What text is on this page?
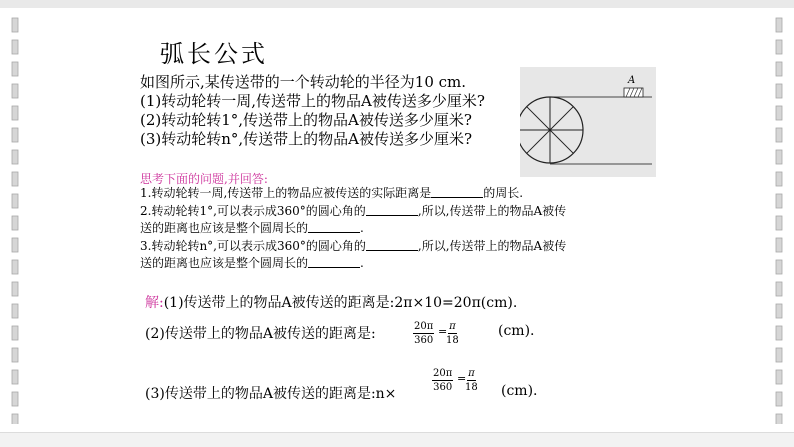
弧长公式
如图所示,某传送带的一个转动轮的半径为10 cm.
(1)转动轮转一周,传送带上的物品A被传送多少厘米?
(2)转动轮转1°,传送带上的物品A被传送多少厘米?
(3)转动轮转n°,传送带上的物品A被传送多少厘米?
A
思考下面的问题,并回答:
1.转动轮转一周,传送带上的物品应被传送的实际距离是	的周长.
2.转动轮转1°,可以表示成360°的圆心角的	,所以,传送带上的物品A被传
送的距离也应该是整个圆周长的	.
3.转动轮转n°,可以表示成360°的圆心角的	,所以,传送带上的物品A被传
送的距离也应该是整个圆周长的	.
解:(1)传送带上的物品A被传送的距离是:2π×10=20π(cm).
(2)传送带上的物品A被传送的距离是:	$\frac{20\pi}{360}$ =
$\frac{\pi}{18}$	(cm).
(3)传送带上的物品A被传送的距离是:n×
$\frac{20\pi}{360}$ =
$\frac{\pi}{18} (cm)$.
